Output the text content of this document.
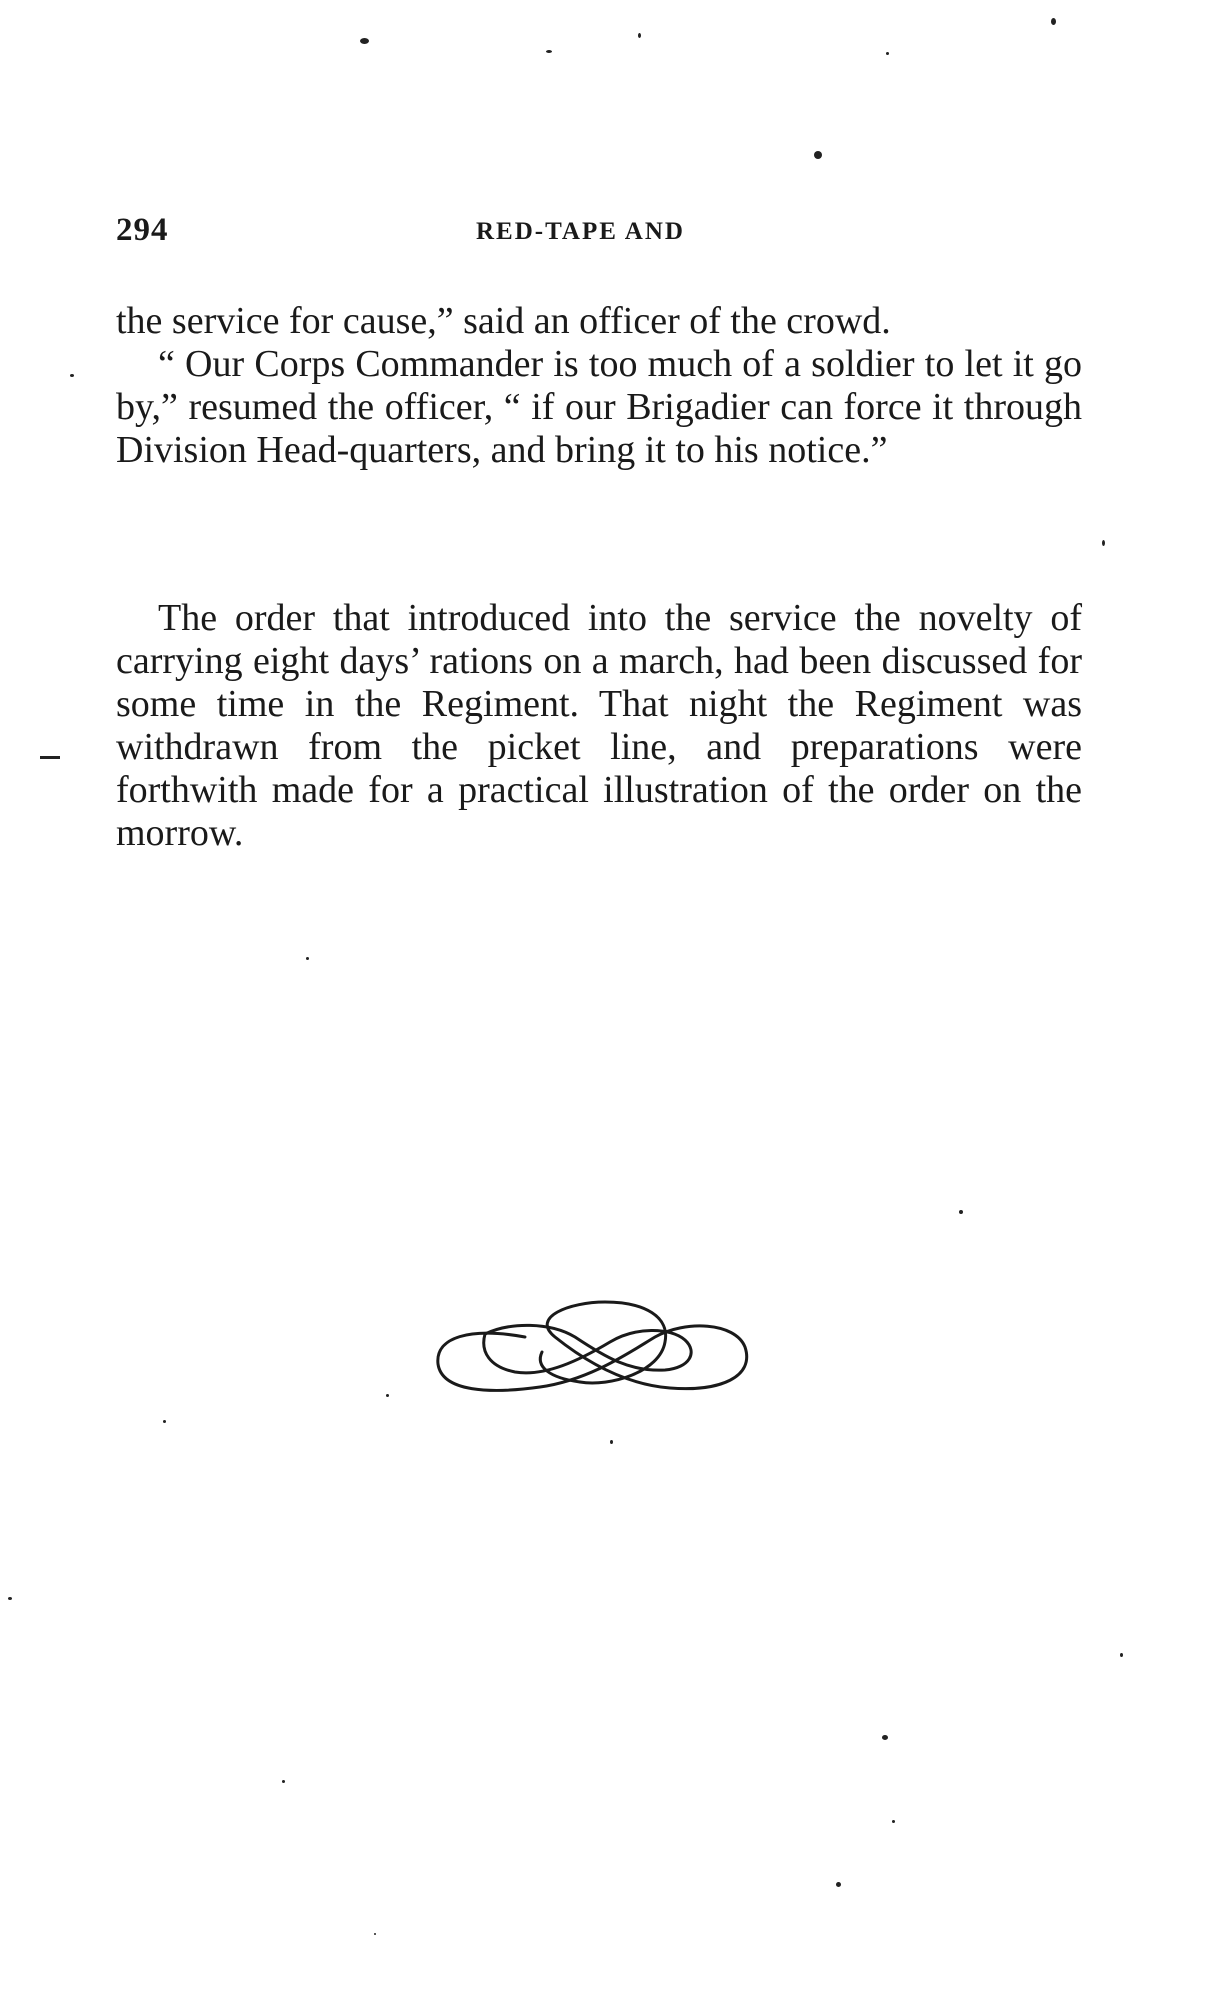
294	RED-TAPE AND

the service for cause,” said an officer of the crowd.

“ Our Corps Commander is too much of a soldier to let it go by,” resumed the officer, “ if our Brigadier can force it through Division Head-quarters, and bring it to his notice.”

The order that introduced into the service the novelty of carrying eight days’ rations on a march, had been discussed for some time in the Regiment. That night the Regiment was withdrawn from the picket line, and preparations were forthwith made for a practical illustration of the order on the morrow.
